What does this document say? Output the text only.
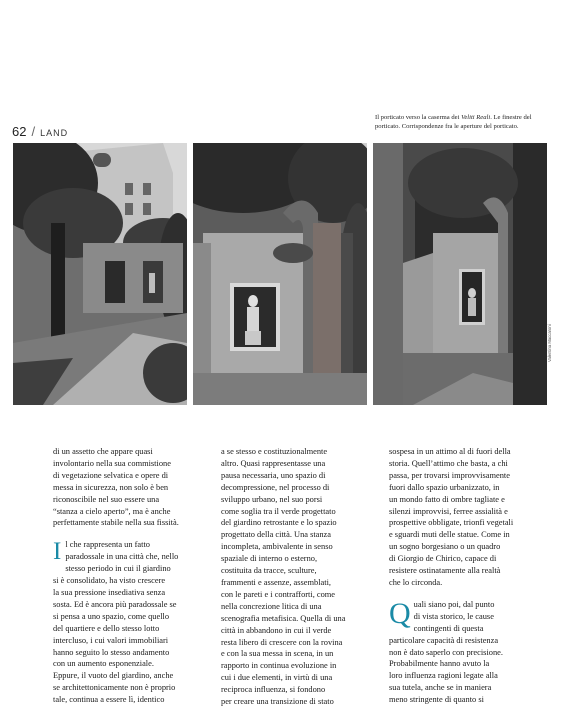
62 / LAND
Il porticato verso la caserma dei Veliti Reali. Le finestre del porticato. Corrispondenze fra le aperture del porticato.
Valentina Maccaroni

di un assetto che appare quasi

involontario nella sua commistione

di vegetazione selvatica e opere di

messa in sicurezza, non solo è ben

riconoscibile nel suo essere una

“stanza a cielo aperto”, ma è anche

perfettamente stabile nella sua fissità.

I l che rappresenta un fatto

paradossale in una città che, nello

stesso periodo in cui il giardino

si è consolidato, ha visto crescere

la sua pressione insediativa senza

sosta. Ed è ancora più paradossale se

si pensa a uno spazio, come quello

del quartiere e dello stesso lotto

intercluso, i cui valori immobiliari

hanno seguito lo stesso andamento

con un aumento esponenziale.

Eppure, il vuoto del giardino, anche

se architettonicamente non è proprio

tale, continua a essere lì, identico

a se stesso e costituzionalmente

altro. Quasi rappresentasse una

pausa necessaria, uno spazio di

decompressione, nel processo di

sviluppo urbano, nel suo porsi

come soglia tra il verde progettato

del giardino retrostante e lo spazio

progettato della città. Una stanza

incompleta, ambivalente in senso

spaziale di interno o esterno,

costituita da tracce, sculture,

frammenti e assenze, assemblati,

con le pareti e i contrafforti, come

nella concrezione litica di una

scenografia metafisica. Quella di una

città in abbandono in cui il verde

resta libero di crescere con la rovina

e con la sua messa in scena, in un

rapporto in continua evoluzione in

cui i due elementi, in virtù di una

reciproca influenza, si fondono

per creare una transizione di stato

sospesa in un attimo al di fuori della

storia. Quell’attimo che basta, a chi

passa, per trovarsi improvvisamente

fuori dallo spazio urbanizzato, in

un mondo fatto di ombre tagliate e

silenzi improvvisi, ferree assialità e

prospettive obbligate, trionfi vegetali

e sguardi muti delle statue. Come in

un sogno borgesiano o un quadro

di Giorgio de Chirico, capace di

resistere ostinatamente alla realtà

che lo circonda.

Q uali siano poi, dal punto

di vista storico, le cause

contingenti di questa

particolare capacità di resistenza

non è dato saperlo con precisione.

Probabilmente hanno avuto la

loro influenza ragioni legate alla

sua tutela, anche se in maniera

meno stringente di quanto si
